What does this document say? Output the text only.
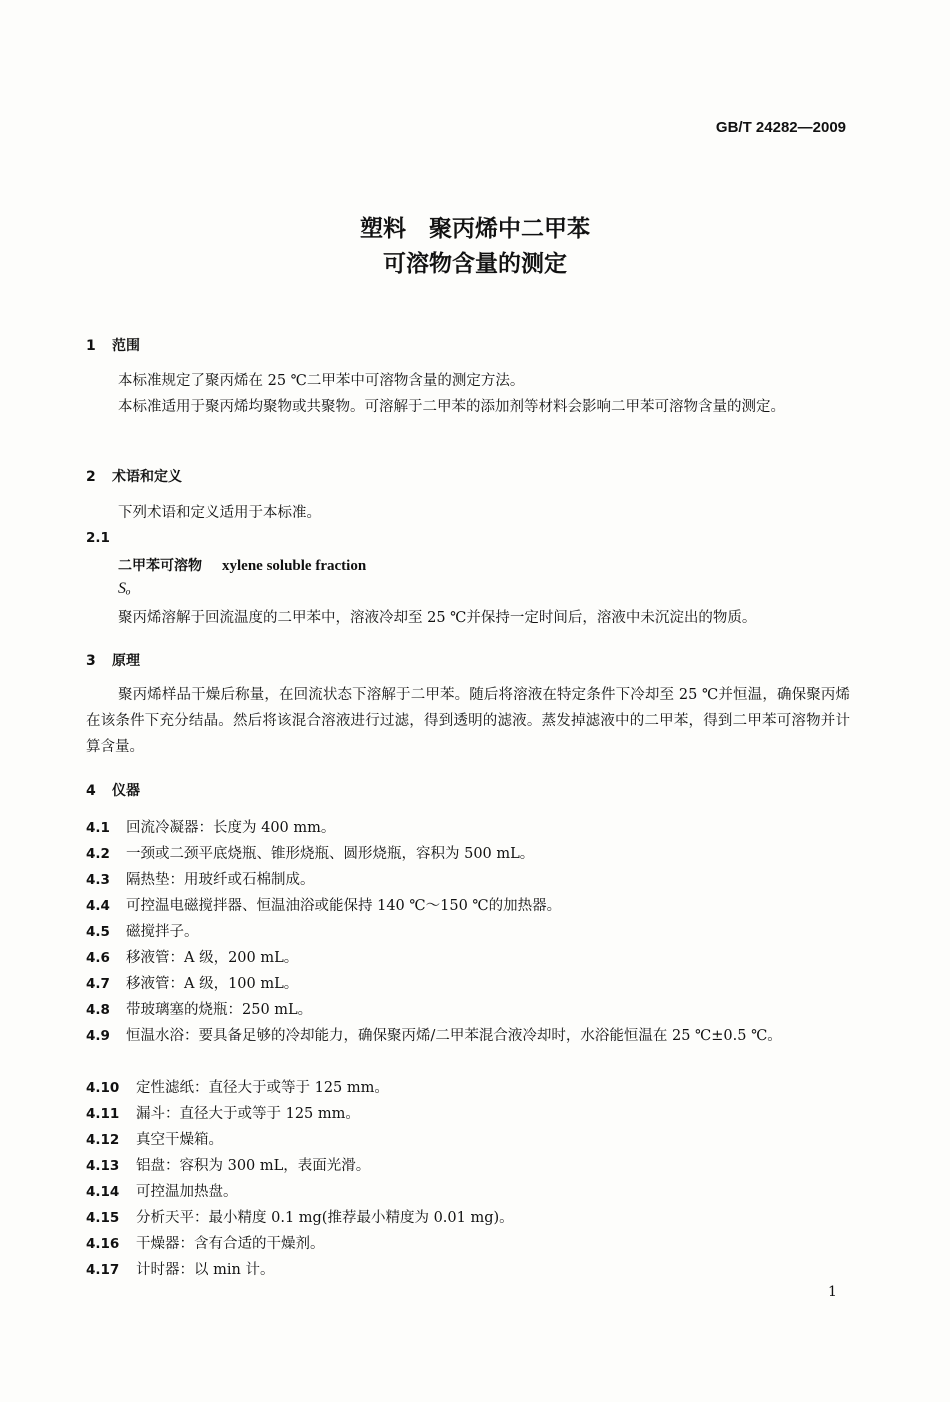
GB/T 24282—2009
塑料　聚丙烯中二甲苯
可溶物含量的测定
1 范围
本标准规定了聚丙烯在 25 ℃二甲苯中可溶物含量的测定方法。
本标准适用于聚丙烯均聚物或共聚物。可溶解于二甲苯的添加剂等材料会影响二甲苯可溶物含量的测定。
2 术语和定义
下列术语和定义适用于本标准。
2.1
二甲苯可溶物 xylene soluble fraction
Sₒ
聚丙烯溶解于回流温度的二甲苯中，溶液冷却至 25 ℃并保持一定时间后，溶液中未沉淀出的物质。
3 原理
聚丙烯样品干燥后称量，在回流状态下溶解于二甲苯。随后将溶液在特定条件下冷却至 25 ℃并恒温，确保聚丙烯在该条件下充分结晶。然后将该混合溶液进行过滤，得到透明的滤液。蒸发掉滤液中的二甲苯，得到二甲苯可溶物并计算含量。
4 仪器
4.1 回流冷凝器：长度为 400 mm。
4.2 一颈或二颈平底烧瓶、锥形烧瓶、圆形烧瓶，容积为 500 mL。
4.3 隔热垫：用玻纤或石棉制成。
4.4 可控温电磁搅拌器、恒温油浴或能保持 140 ℃～150 ℃的加热器。
4.5 磁搅拌子。
4.6 移液管：A 级，200 mL。
4.7 移液管：A 级，100 mL。
4.8 带玻璃塞的烧瓶：250 mL。
4.9 恒温水浴：要具备足够的冷却能力，确保聚丙烯/二甲苯混合液冷却时，水浴能恒温在 25 ℃±0.5 ℃。
4.10 定性滤纸：直径大于或等于 125 mm。
4.11 漏斗：直径大于或等于 125 mm。
4.12 真空干燥箱。
4.13 铝盘：容积为 300 mL，表面光滑。
4.14 可控温加热盘。
4.15 分析天平：最小精度 0.1 mg(推荐最小精度为 0.01 mg)。
4.16 干燥器：含有合适的干燥剂。
4.17 计时器：以 min 计。
1
